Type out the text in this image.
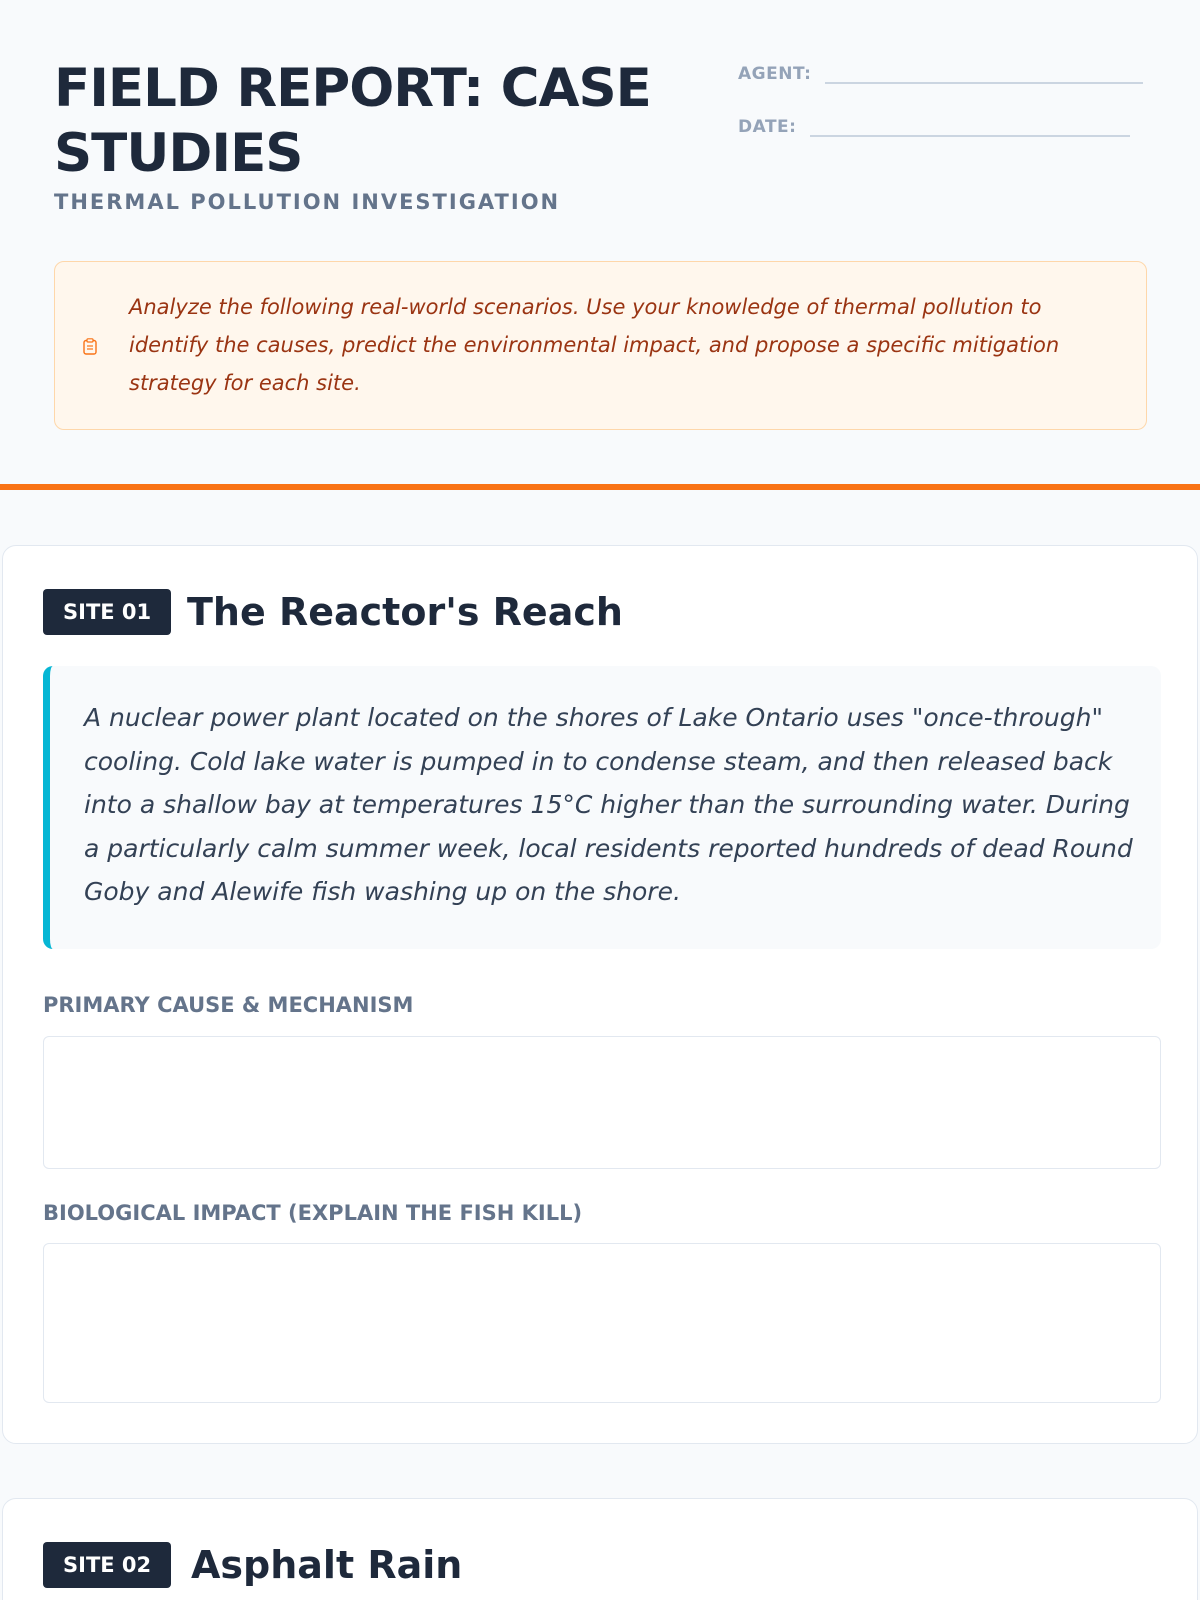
FIELD REPORT: CASE STUDIES
THERMAL POLLUTION INVESTIGATION
AGENT:
DATE:

Analyze the following real-world scenarios. Use your knowledge of thermal pollution to identify the causes, predict the environmental impact, and propose a specific mitigation strategy for each site.

SITE 01 The Reactor's Reach

A nuclear power plant located on the shores of Lake Ontario uses "once-through" cooling. Cold lake water is pumped in to condense steam, and then released back into a shallow bay at temperatures 15°C higher than the surrounding water. During a particularly calm summer week, local residents reported hundreds of dead Round Goby and Alewife fish washing up on the shore.

PRIMARY CAUSE & MECHANISM
BIOLOGICAL IMPACT (EXPLAIN THE FISH KILL)
SITE 02	Asphalt Rain
